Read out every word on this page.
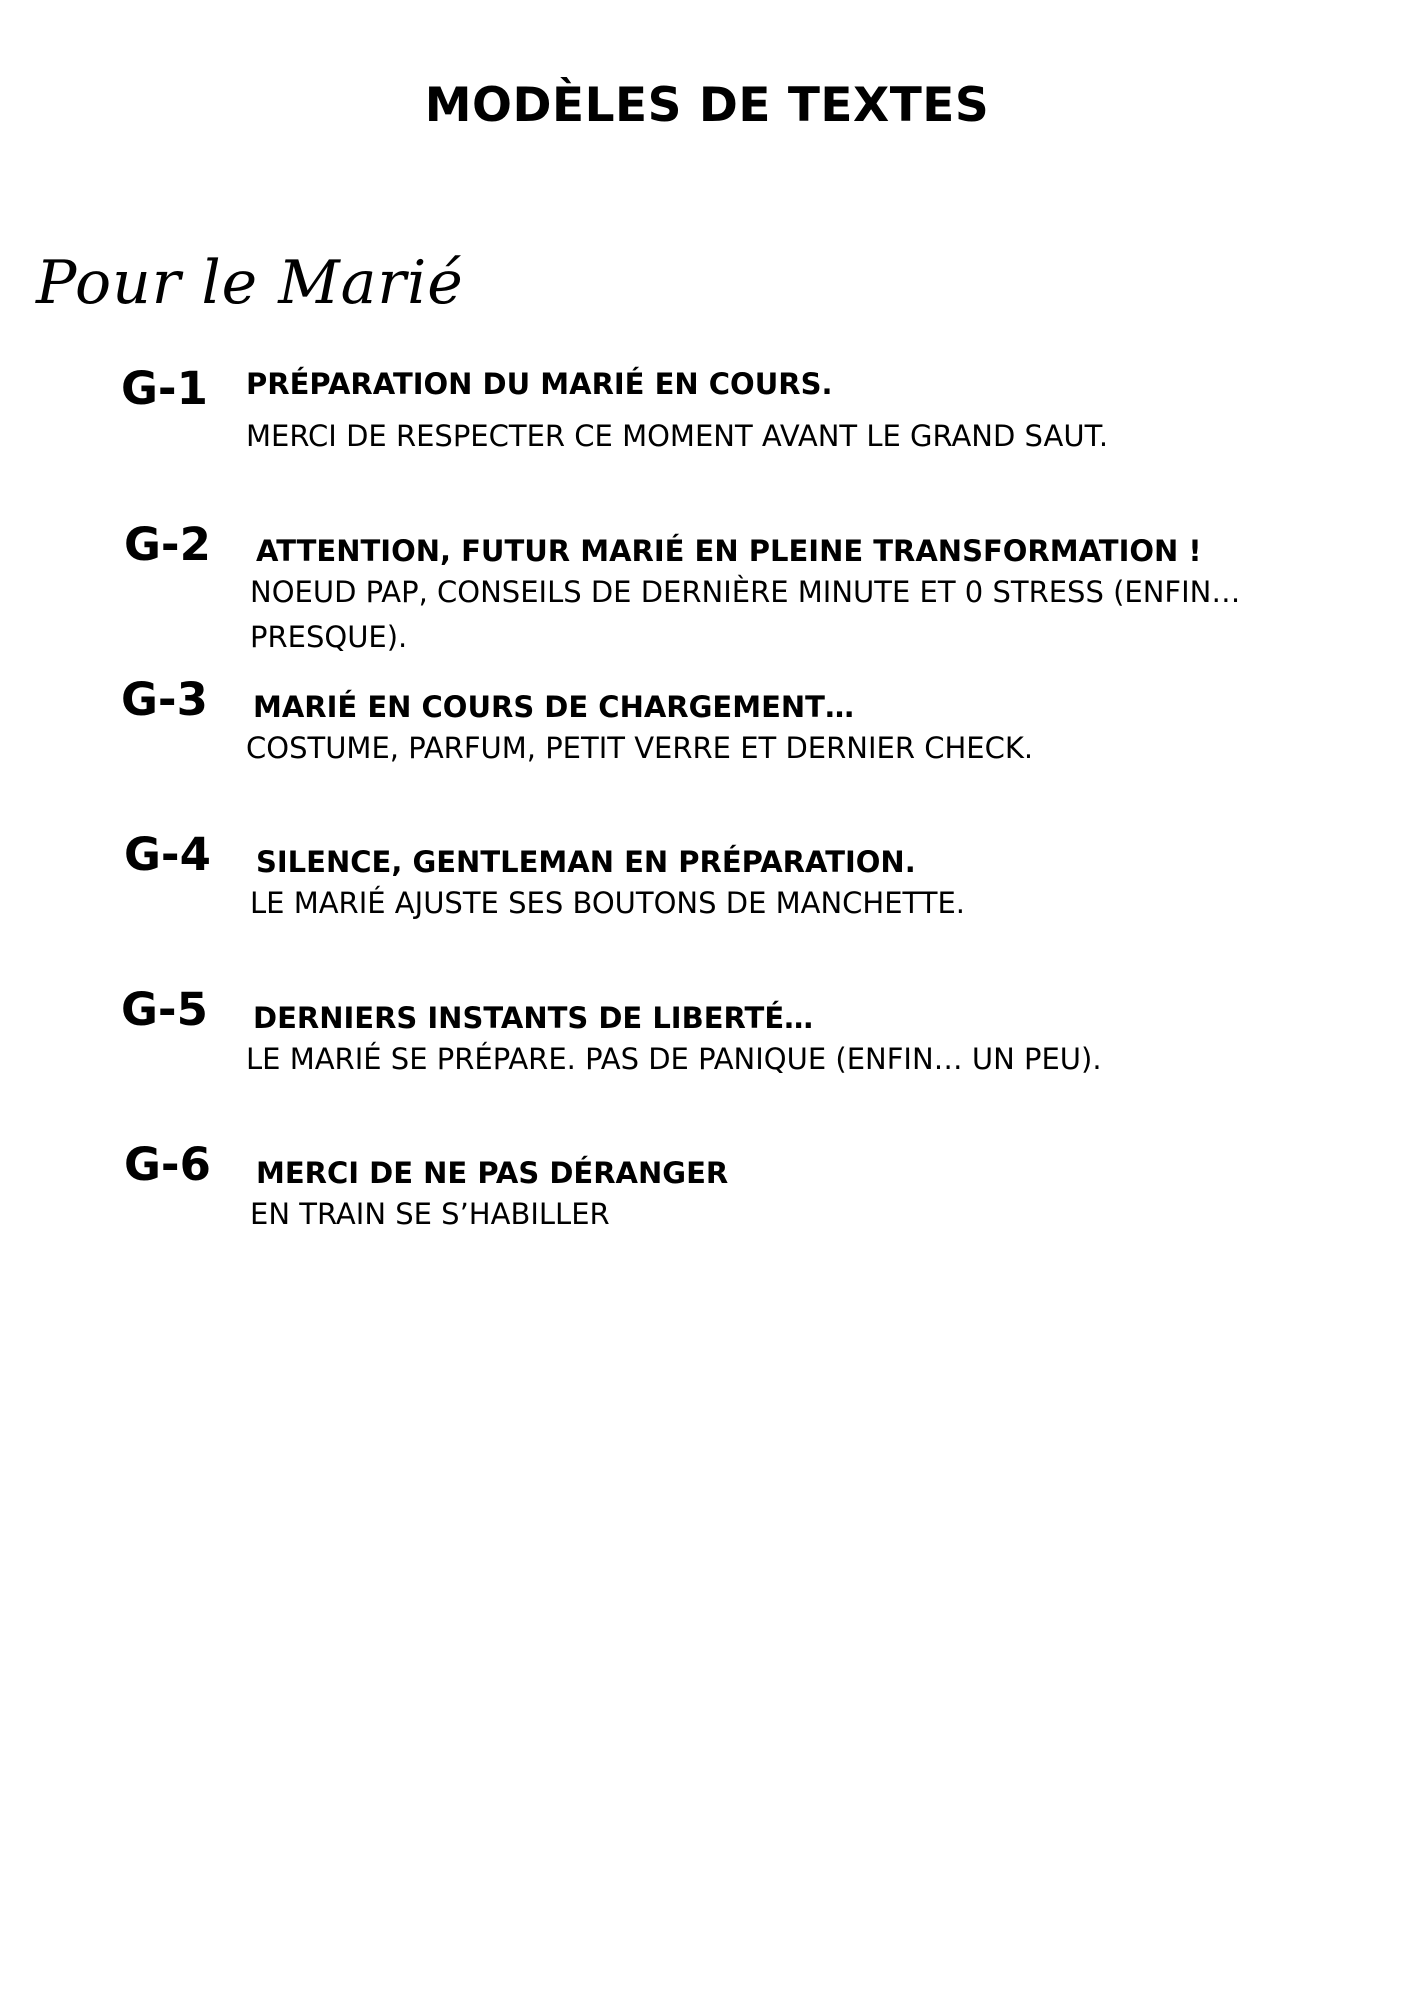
MODÈLES DE TEXTES
Pour le Marié
G-1 PRÉPARATION DU MARIÉ EN COURS.
MERCI DE RESPECTER CE MOMENT AVANT LE GRAND SAUT.
G-2 ATTENTION, FUTUR MARIÉ EN PLEINE TRANSFORMATION !
NOEUD PAP, CONSEILS DE DERNIÈRE MINUTE ET 0 STRESS (ENFIN… PRESQUE).
G-3 MARIÉ EN COURS DE CHARGEMENT…
COSTUME, PARFUM, PETIT VERRE ET DERNIER CHECK.
G-4 SILENCE, GENTLEMAN EN PRÉPARATION.
LE MARIÉ AJUSTE SES BOUTONS DE MANCHETTE.
G-5 DERNIERS INSTANTS DE LIBERTÉ…
LE MARIÉ SE PRÉPARE. PAS DE PANIQUE (ENFIN… UN PEU).
G-6 MERCI DE NE PAS DÉRANGER
EN TRAIN SE S’HABILLER
